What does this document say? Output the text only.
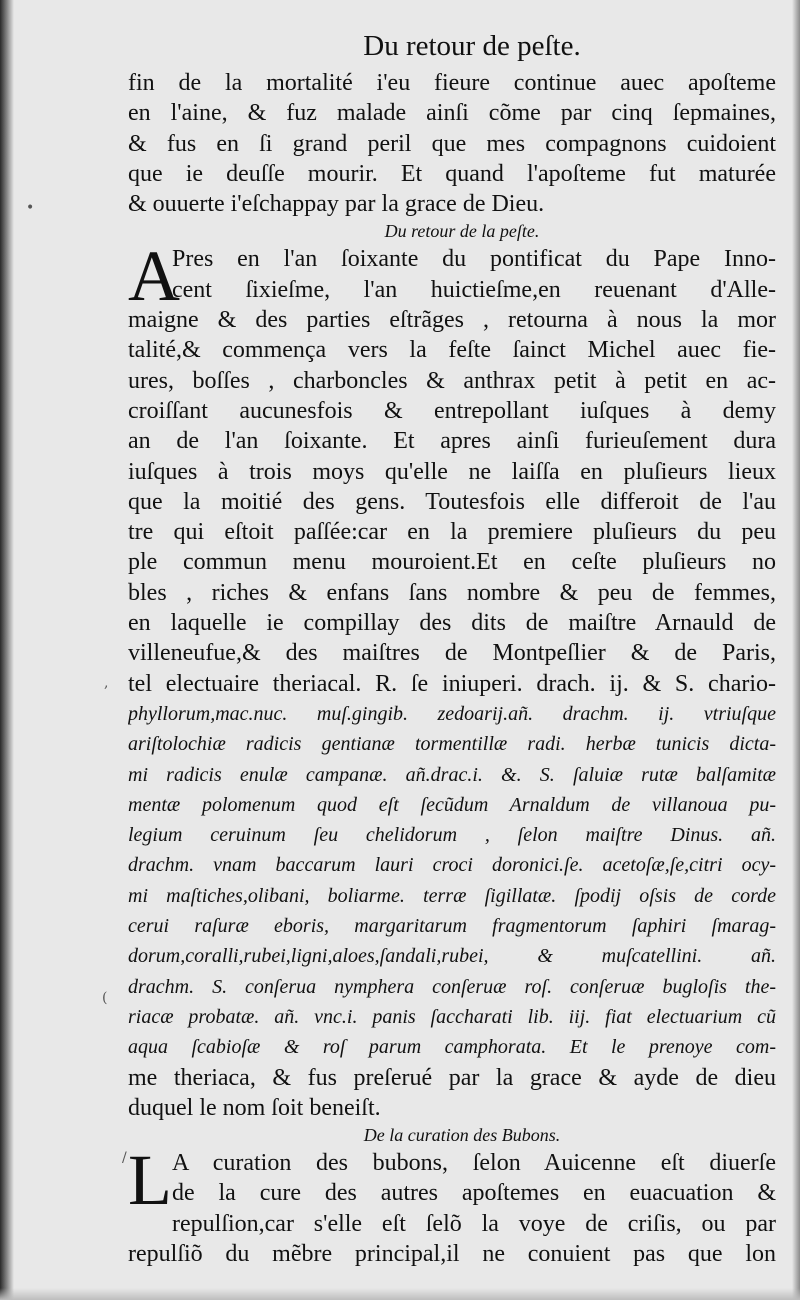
•
,
(
/
Du retour de peſte.
fin de la mortalité i'eu fieure continue auec apoſteme
en l'aine, & fuz malade ainſi cõme par cinq ſepmaines,
& fus en ſi grand peril que mes compagnons cuidoient
que ie deuſſe mourir. Et quand l'apoſteme fut maturée
& ouuerte i'eſchappay par la grace de Dieu.
Du retour de la peſte.
A
Pres en l'an ſoixante du pontificat du Pape Inno-
cent ſixieſme, l'an huictieſme,en reuenant d'Alle-
maigne & des parties eſtrãges , retourna à nous la mor
talité,& commença vers la feſte ſainct Michel auec fie-
ures, boſſes , charboncles & anthrax petit à petit en ac-
croiſſant aucunesfois & entrepollant iuſques à demy
an de l'an ſoixante. Et apres ainſi furieuſement dura
iuſques à trois moys qu'elle ne laiſſa en pluſieurs lieux
que la moitié des gens. Toutesfois elle differoit de l'au
tre qui eſtoit paſſée:car en la premiere pluſieurs du peu
ple commun menu mouroient.Et en ceſte pluſieurs no
bles , riches & enfans ſans nombre & peu de femmes,
en laquelle ie compillay des dits de maiſtre Arnauld de
villeneufue,& des maiſtres de Montpeſlier & de Paris,
tel electuaire theriacal. R. ſe iniuperi. drach. ij. & S. chario-
phyllorum,mac.nuc. muſ.gingib. zedoarij.añ. drachm. ij. vtriuſque
ariſtolochiæ radicis gentianæ tormentillæ radi. herbæ tunicis dicta-
mi radicis enulæ campanæ. añ.drac.i. &. S. ſaluiæ rutæ balſamitæ
mentæ polomenum quod eſt ſecũdum Arnaldum de villanoua pu-
legium ceruinum ſeu chelidorum , ſelon maiſtre Dinus. añ.
drachm. vnam baccarum lauri croci doronici.ſe. acetoſæ,ſe,citri ocy-
mi maſtiches,olibani, boliarme. terræ ſigillatæ. ſpodij oſsis de corde
cerui raſuræ eboris, margaritarum fragmentorum ſaphiri ſmarag-
dorum,coralli,rubei,ligni,aloes,ſandali,rubei, & muſcatellini. añ.
drachm. S. conſerua nymphera conſeruæ roſ. conſeruæ bugloſis the-
riacæ probatæ. añ. vnc.i. panis ſaccharati lib. iij. fiat electuarium cũ
aqua ſcabioſæ & roſ parum camphorata. Et le prenoye com-
me theriaca, & fus preſerué par la grace & ayde de dieu
duquel le nom ſoit beneiſt.
De la curation des Bubons.
L A curation des bubons, ſelon Auicenne eſt diuerſe
de la cure des autres apoſtemes en euacuation &
repulſion,car s'elle eſt ſelõ la voye de criſis, ou par
repulſiõ du mẽbre principal,il ne conuient pas que lon
